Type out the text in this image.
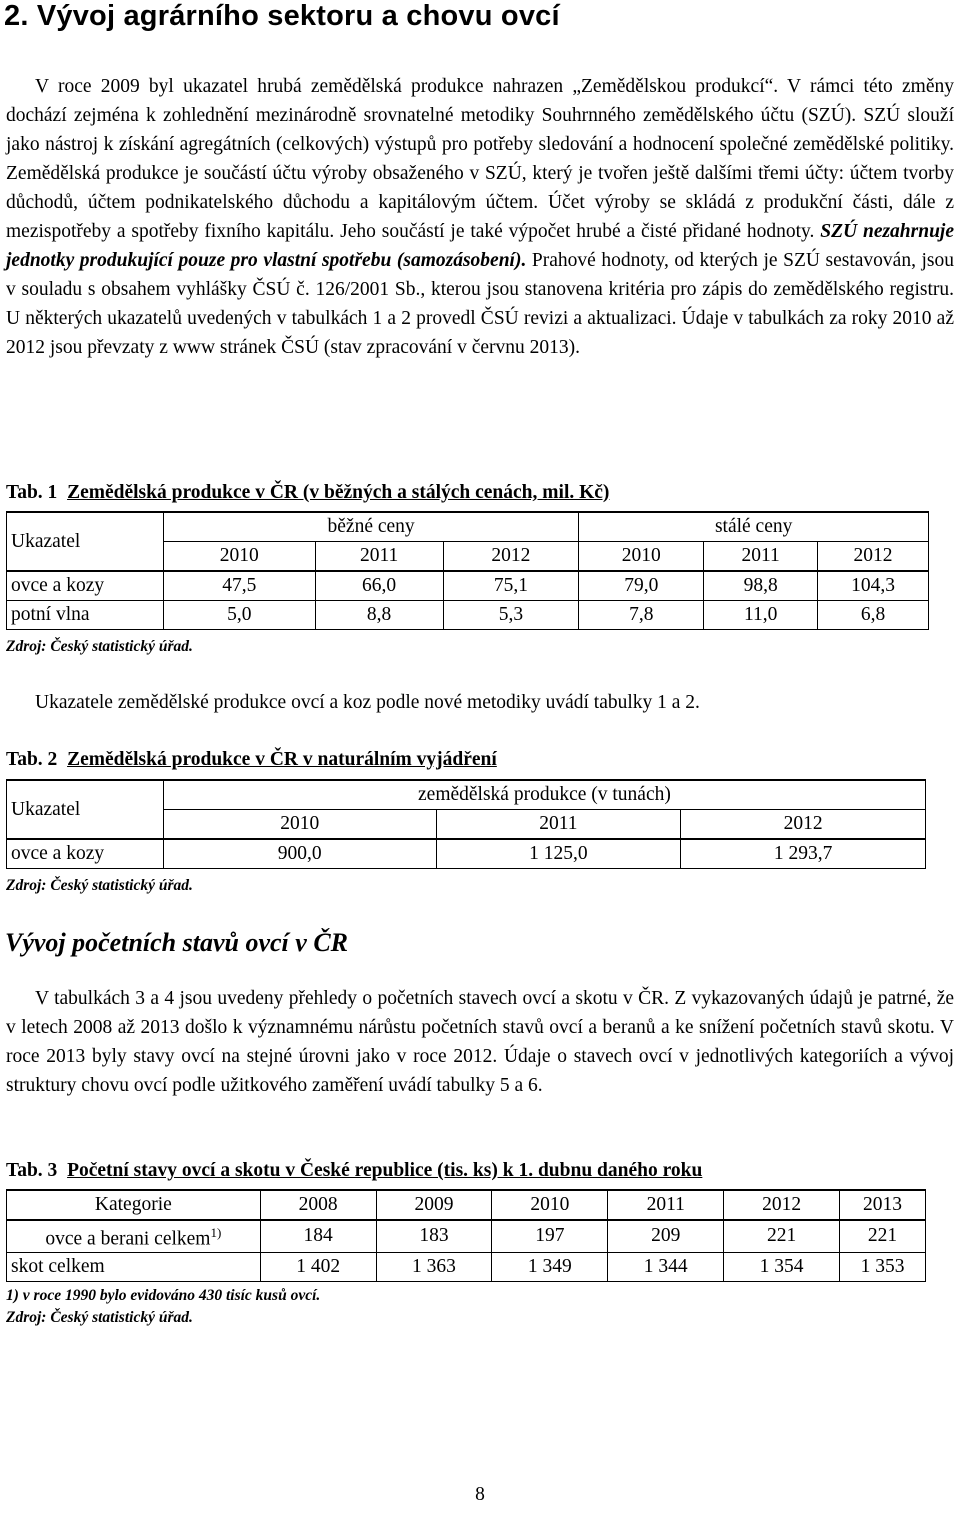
2. Vývoj agrárního sektoru a chovu ovcí
V roce 2009 byl ukazatel hrubá zemědělská produkce nahrazen „Zemědělskou produkcí“. V rámci této změny dochází zejména k zohlednění mezinárodně srovnatelné metodiky Souhrnného zemědělského účtu (SZÚ). SZÚ slouží jako nástroj k získání agregátních (celkových) výstupů pro potřeby sledování a hodnocení společné zemědělské politiky. Zemědělská produkce je součástí účtu výroby obsaženého v SZÚ, který je tvořen ještě dalšími třemi účty: účtem tvorby důchodů, účtem podnikatelského důchodu a kapitálovým účtem. Účet výroby se skládá z produkční části, dále z mezispotřeby a spotřeby fixního kapitálu. Jeho součástí je také výpočet hrubé a čisté přidané hodnoty. SZÚ nezahrnuje jednotky produkující pouze pro vlastní spotřebu (samozásobení). Prahové hodnoty, od kterých je SZÚ sestavován, jsou v souladu s obsahem vyhlášky ČSÚ č. 126/2001 Sb., kterou jsou stanovena kritéria pro zápis do zemědělského registru. U některých ukazatelů uvedených v tabulkách 1 a 2 provedl ČSÚ revizi a aktualizaci. Údaje v tabulkách za roky 2010 až 2012 jsou převzaty z www stránek ČSÚ (stav zpracování v červnu 2013).
Tab. 1 Zemědělská produkce v ČR (v běžných a stálých cenách, mil. Kč)
Ukazatel	běžné ceny			stálé ceny		
	2010	2011	2012	2010	2011	2012
ovce a kozy	47,5	66,0	75,1	79,0	98,8	104,3
potní vlna	5,0	8,8	5,3	7,8	11,0	6,8
Zdroj: Český statistický úřad.
Ukazatele zemědělské produkce ovcí a koz podle nové metodiky uvádí tabulky 1 a 2.
Tab. 2 Zemědělská produkce v ČR v naturálním vyjádření
Ukazatel	zemědělská produkce (v tunách)		
	2010	2011	2012
ovce a kozy	900,0	1 125,0	1 293,7
Zdroj: Český statistický úřad.
Vývoj početních stavů ovcí v ČR
V tabulkách 3 a 4 jsou uvedeny přehledy o početních stavech ovcí a skotu v ČR. Z vykazovaných údajů je patrné, že v letech 2008 až 2013 došlo k významnému nárůstu početních stavů ovcí a beranů a ke snížení početních stavů skotu. V roce 2013 byly stavy ovcí na stejné úrovni jako v roce 2012. Údaje o stavech ovcí v jednotlivých kategoriích a vývoj struktury chovu ovcí podle užitkového zaměření uvádí tabulky 5 a 6.
Tab. 3 Početní stavy ovcí a skotu v České republice (tis. ks) k 1. dubnu daného roku
Kategorie	2008	2009	2010	2011	2012	2013
ovce a berani celkem$^{1)}$	184	183	197	209	221	221
skot celkem	1 402	1 363	1 349	1 344	1 354	1 353
1) v roce 1990 bylo evidováno 430 tisíc kusů ovcí.
Zdroj: Český statistický úřad.
8
